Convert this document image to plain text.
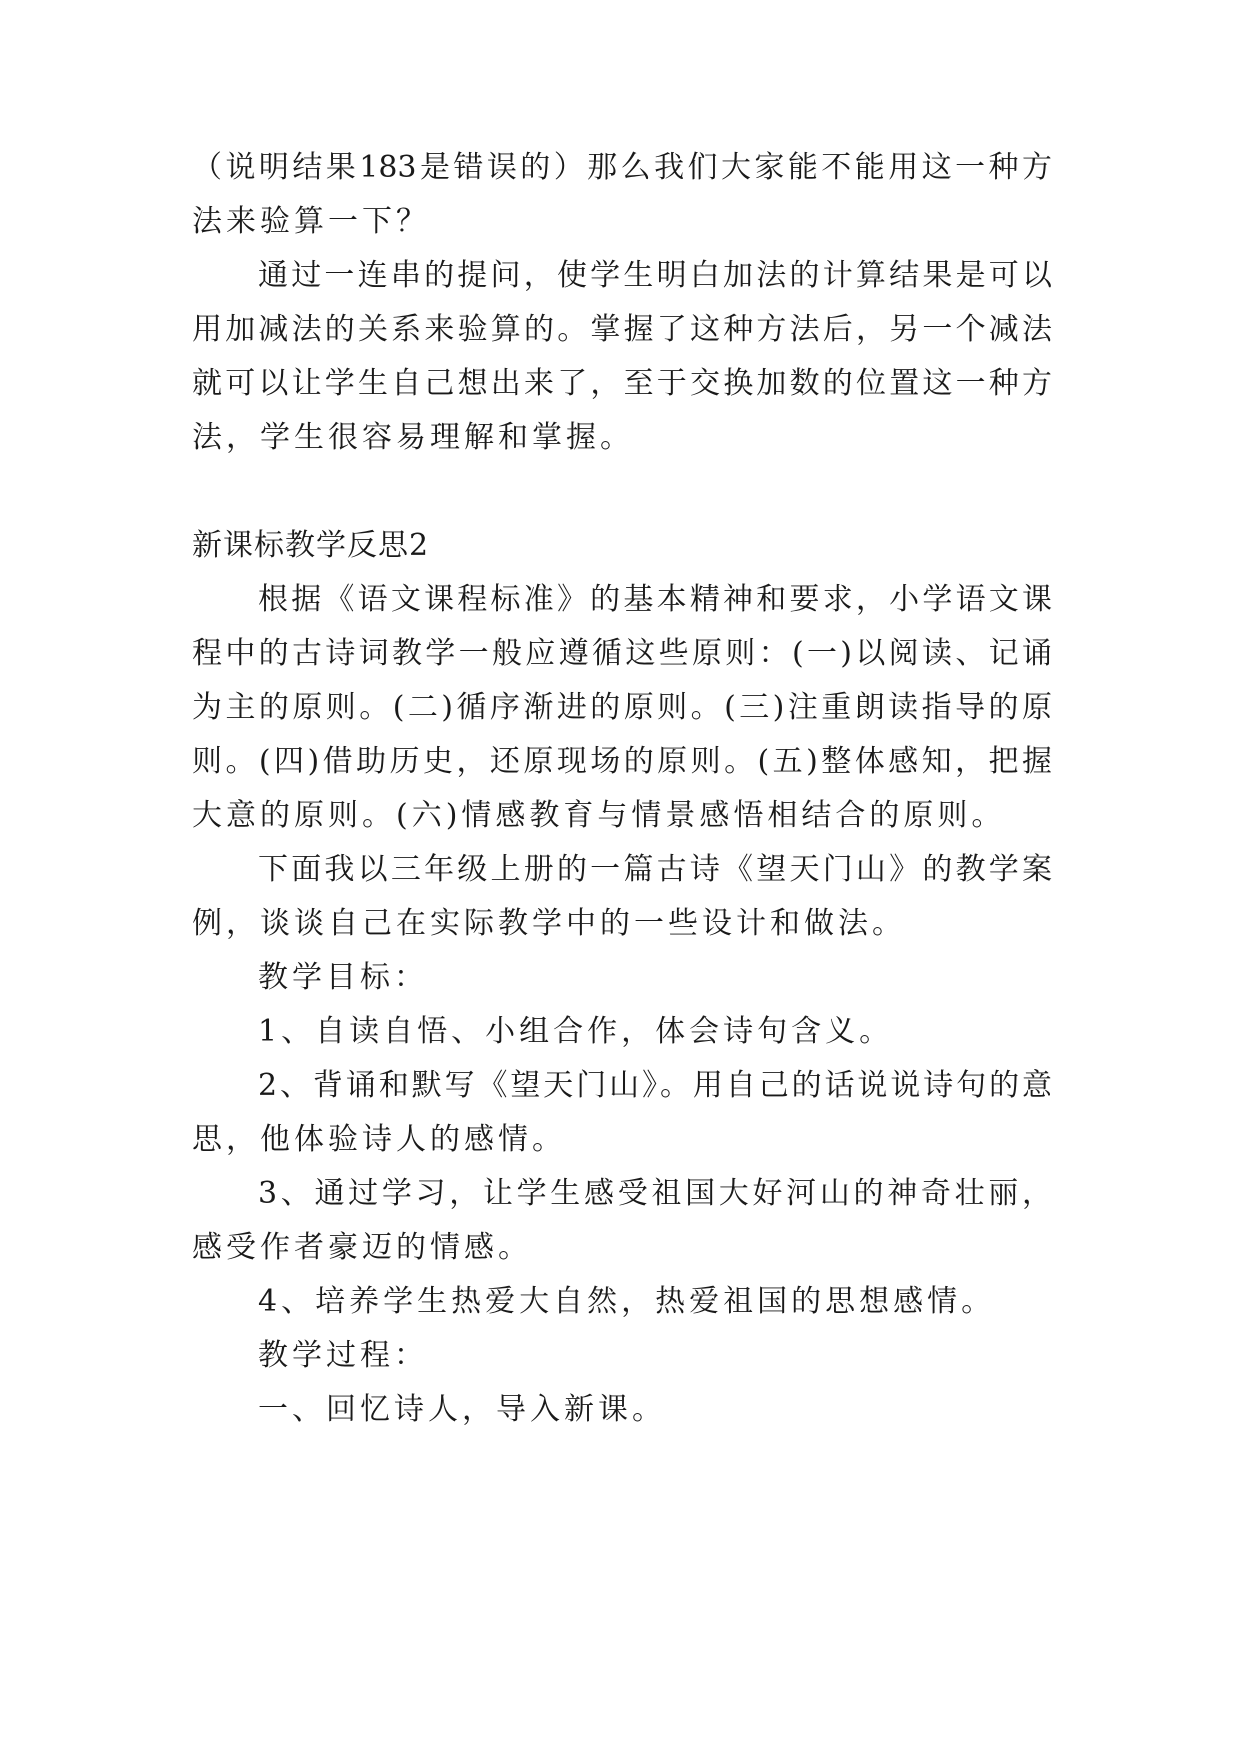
（说明结果183是错误的）那么我们大家能不能用这一种方
法来验算一下？
通过一连串的提问，使学生明白加法的计算结果是可以
用加减法的关系来验算的。掌握了这种方法后，另一个减法
就可以让学生自己想出来了，至于交换加数的位置这一种方
法，学生很容易理解和掌握。
新课标教学反思2
根据《语文课程标准》的基本精神和要求，小学语文课
程中的古诗词教学一般应遵循这些原则：(一)以阅读、记诵
为主的原则。(二)循序渐进的原则。(三)注重朗读指导的原
则。(四)借助历史，还原现场的原则。(五)整体感知，把握
大意的原则。(六)情感教育与情景感悟相结合的原则。
下面我以三年级上册的一篇古诗《望天门山》的教学案
例，谈谈自己在实际教学中的一些设计和做法。
教学目标：
1、自读自悟、小组合作，体会诗句含义。
2、背诵和默写《望天门山》。用自己的话说说诗句的意
思，他体验诗人的感情。
3、通过学习，让学生感受祖国大好河山的神奇壮丽，
感受作者豪迈的情感。
4、培养学生热爱大自然，热爱祖国的思想感情。
教学过程：
一、回忆诗人，导入新课。
